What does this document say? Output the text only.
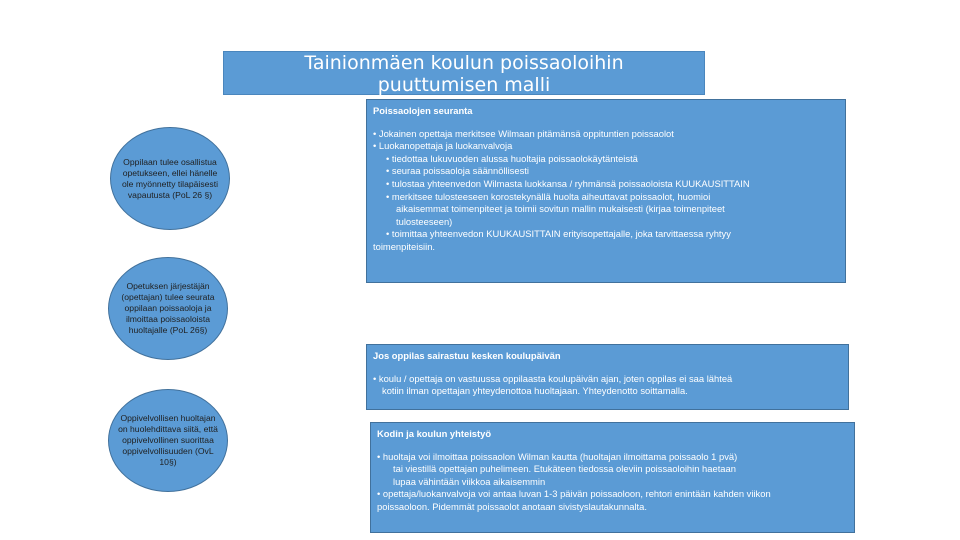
Tainionmäen koulun poissaoloihin
puuttumisen malli
Oppilaan tulee osallistua opetukseen, ellei hänelle ole myönnetty tilapäisesti vapautusta (PoL 26 §)
Opetuksen järjestäjän (opettajan) tulee seurata oppilaan poissaoloja ja ilmoittaa poissaoloista huoltajalle (PoL 26§)
Oppivelvollisen huoltajan on huolehdittava siitä, että oppivelvollinen suorittaa oppivelvollisuuden (OvL 10§)
Poissaolojen seuranta
• Jokainen opettaja merkitsee Wilmaan pitämänsä oppituntien poissaolot
• Luokanopettaja ja luokanvalvoja
• tiedottaa lukuvuoden alussa huoltajia poissaolokäytänteistä
• seuraa poissaoloja säännöllisesti
• tulostaa yhteenvedon Wilmasta luokkansa / ryhmänsä poissaoloista KUUKAUSITTAIN
• merkitsee tulosteeseen korostekynällä huolta aiheuttavat poissaolot, huomioi
aikaisemmat toimenpiteet ja toimii sovitun mallin mukaisesti (kirjaa toimenpiteet
tulosteeseen)
• toimittaa yhteenvedon KUUKAUSITTAIN erityisopettajalle, joka tarvittaessa ryhtyy
toimenpiteisiin.
Jos oppilas sairastuu kesken koulupäivän
• koulu / opettaja on vastuussa oppilaasta koulupäivän ajan, joten oppilas ei saa lähteä
kotiin ilman opettajan yhteydenottoa huoltajaan. Yhteydenotto soittamalla.
Kodin ja koulun yhteistyö
• huoltaja voi ilmoittaa poissaolon Wilman kautta (huoltajan ilmoittama poissaolo 1 pvä)
tai viestillä opettajan puhelimeen. Etukäteen tiedossa oleviin poissaoloihin haetaan
lupaa vähintään viikkoa aikaisemmin
• opettaja/luokanvalvoja voi antaa luvan 1-3 päivän poissaoloon, rehtori enintään kahden viikon
poissaoloon. Pidemmät poissaolot anotaan sivistyslautakunnalta.
